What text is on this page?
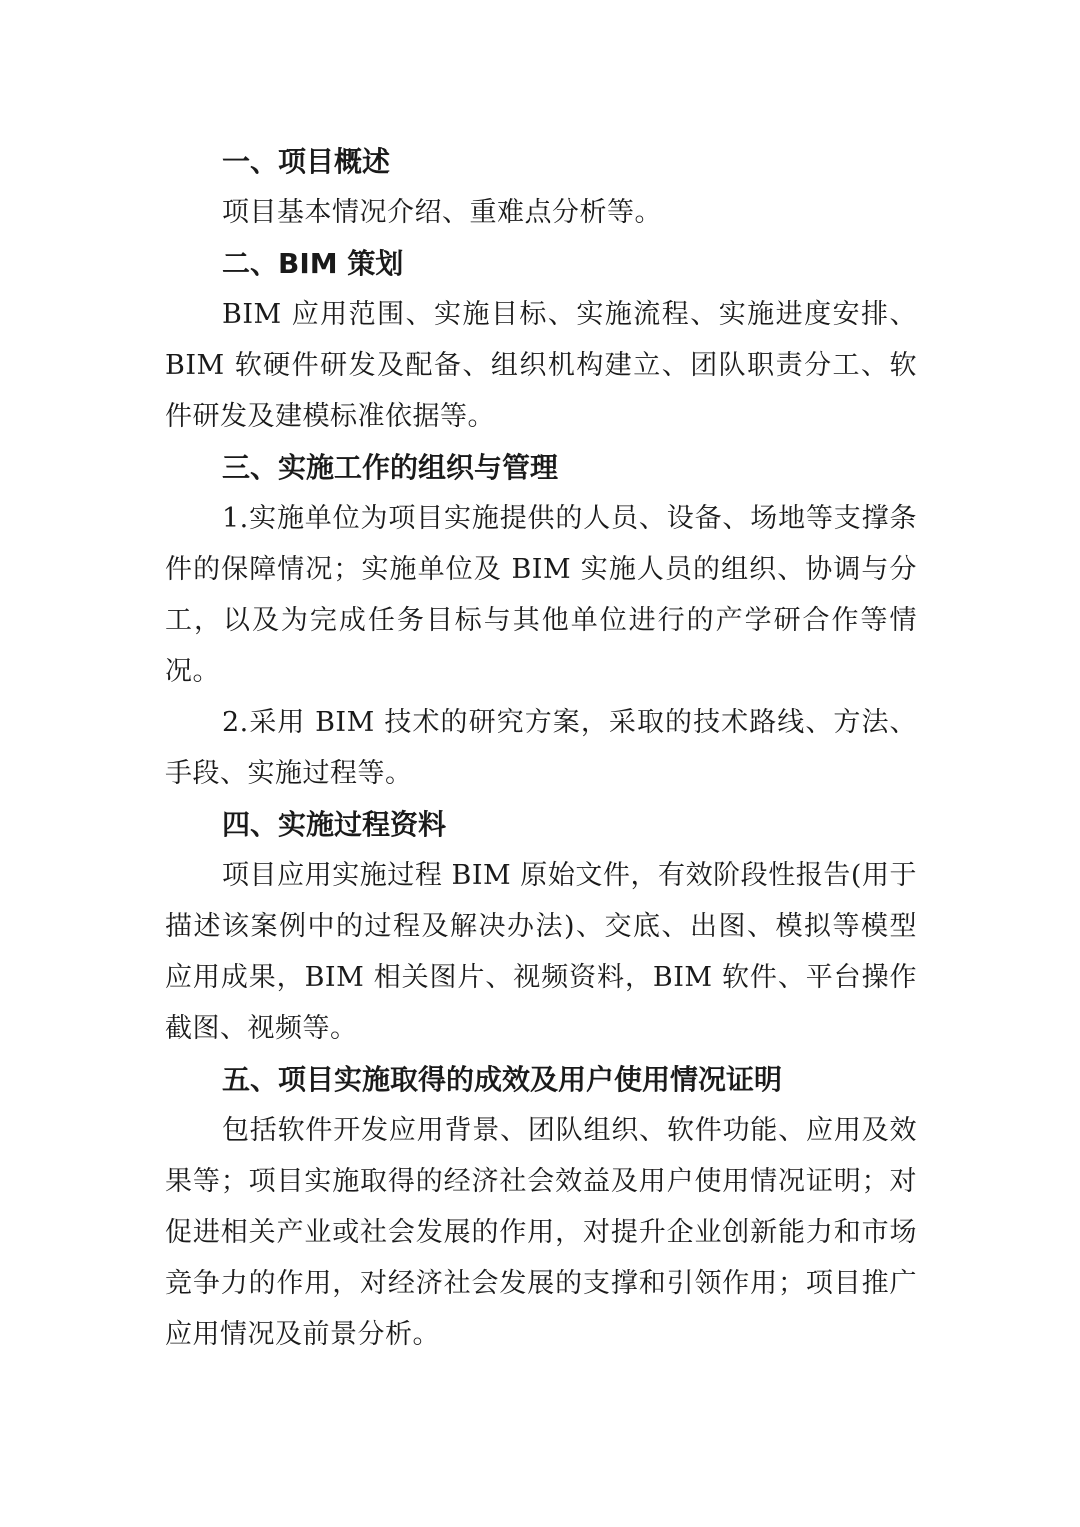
一、项目概述

项目基本情况介绍、重难点分析等。

二、BIM 策划

BIM 应用范围、实施目标、实施流程、实施进度安排、BIM 软硬件研发及配备、组织机构建立、团队职责分工、软件研发及建模标准依据等。

三、实施工作的组织与管理

1.实施单位为项目实施提供的人员、设备、场地等支撑条件的保障情况；实施单位及 BIM 实施人员的组织、协调与分工，以及为完成任务目标与其他单位进行的产学研合作等情况。

2.采用 BIM 技术的研究方案，采取的技术路线、方法、手段、实施过程等。

四、实施过程资料

项目应用实施过程 BIM 原始文件，有效阶段性报告(用于描述该案例中的过程及解决办法)、交底、出图、模拟等模型应用成果，BIM 相关图片、视频资料，BIM 软件、平台操作截图、视频等。

五、项目实施取得的成效及用户使用情况证明

包括软件开发应用背景、团队组织、软件功能、应用及效果等；项目实施取得的经济社会效益及用户使用情况证明；对促进相关产业或社会发展的作用，对提升企业创新能力和市场竞争力的作用，对经济社会发展的支撑和引领作用；项目推广应用情况及前景分析。
